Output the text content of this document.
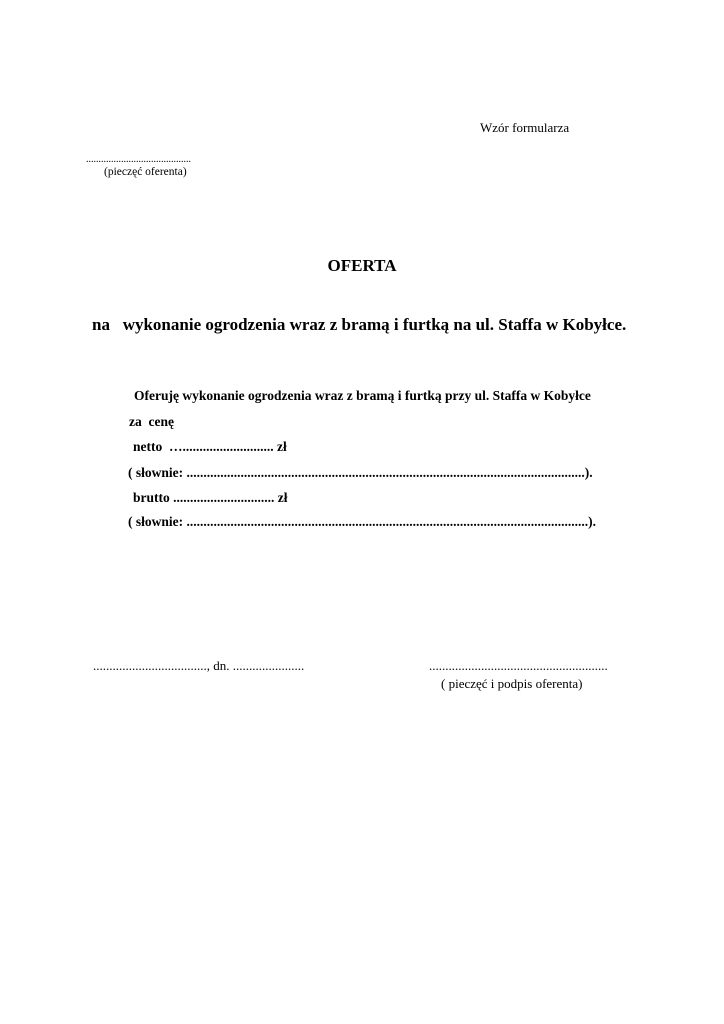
Wzór formularza

..........................................

(pieczęć oferenta)

OFERTA

na   wykonanie ogrodzenia wraz z bramą i furtką na ul. Staffa w Kobyłce.

Oferuję wykonanie ogrodzenia wraz z bramą i furtką przy ul. Staffa w Kobyłce

za  cenę

netto  …........................... zł

( słownie: ......................................................................................................................).

brutto .............................. zł

( słownie: .......................................................................................................................).

..................................., dn. ......................	.......................................................

( pieczęć i podpis oferenta)
